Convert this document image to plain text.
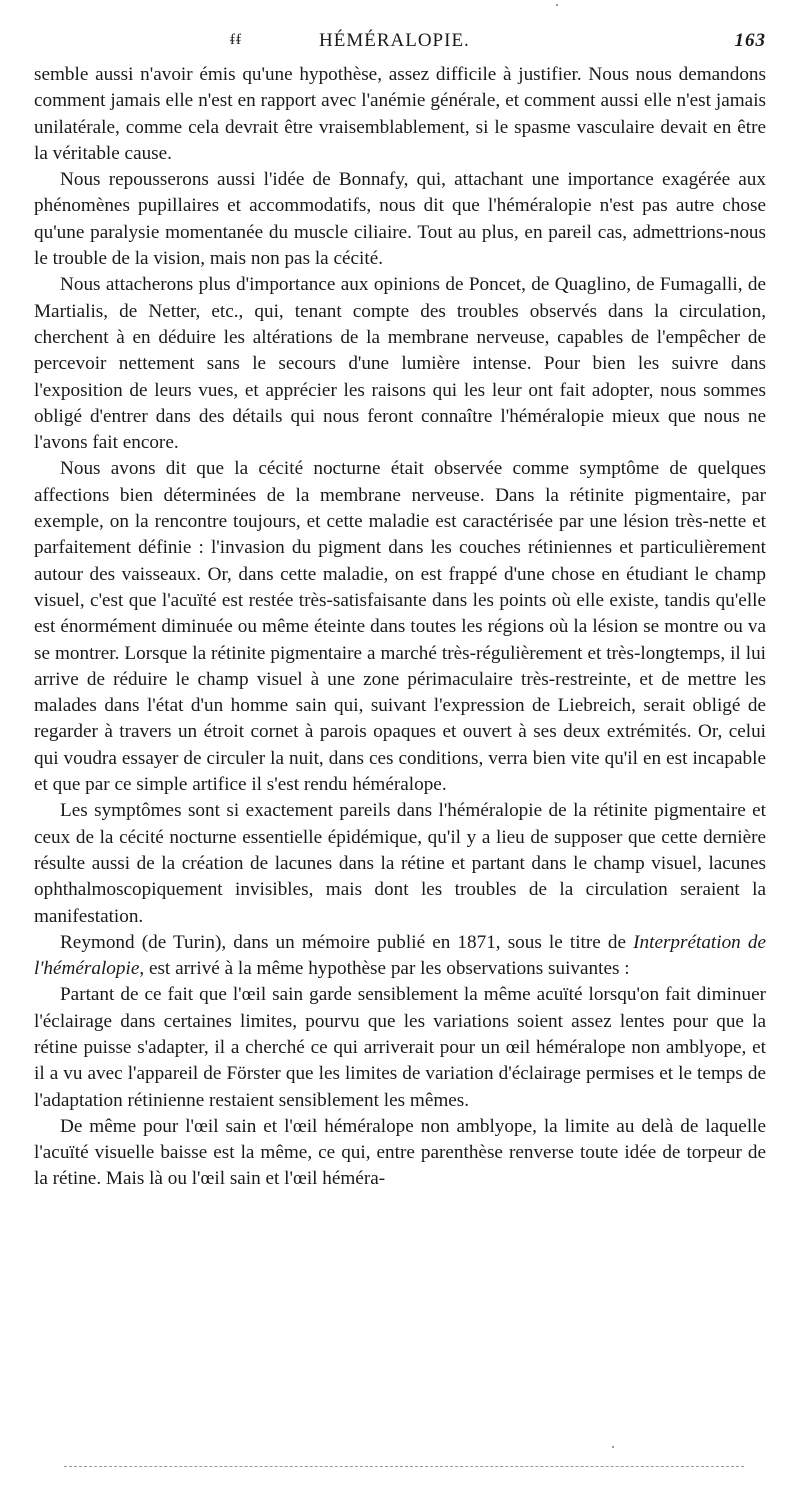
ᵮᵮ	HÉMÉRALOPIE.	163

semble aussi n'avoir émis qu'une hypothèse, assez difficile à justifier. Nous nous demandons comment jamais elle n'est en rapport avec l'anémie générale, et comment aussi elle n'est jamais unilatérale, comme cela devrait être vraisemblablement, si le spasme vasculaire devait en être la véritable cause.

Nous repousserons aussi l'idée de Bonnafy, qui, attachant une importance exagérée aux phénomènes pupillaires et accommodatifs, nous dit que l'héméralopie n'est pas autre chose qu'une paralysie momentanée du muscle ciliaire. Tout au plus, en pareil cas, admettrions-nous le trouble de la vision, mais non pas la cécité.

Nous attacherons plus d'importance aux opinions de Poncet, de Quaglino, de Fumagalli, de Martialis, de Netter, etc., qui, tenant compte des troubles observés dans la circulation, cherchent à en déduire les altérations de la membrane nerveuse, capables de l'empêcher de percevoir nettement sans le secours d'une lumière intense. Pour bien les suivre dans l'exposition de leurs vues, et apprécier les raisons qui les leur ont fait adopter, nous sommes obligé d'entrer dans des détails qui nous feront connaître l'héméralopie mieux que nous ne l'avons fait encore.

Nous avons dit que la cécité nocturne était observée comme symptôme de quelques affections bien déterminées de la membrane nerveuse. Dans la rétinite pigmentaire, par exemple, on la rencontre toujours, et cette maladie est caractérisée par une lésion très-nette et parfaitement définie : l'invasion du pigment dans les couches rétiniennes et particulièrement autour des vaisseaux. Or, dans cette maladie, on est frappé d'une chose en étudiant le champ visuel, c'est que l'acuïté est restée très-satisfaisante dans les points où elle existe, tandis qu'elle est énormément diminuée ou même éteinte dans toutes les régions où la lésion se montre ou va se montrer. Lorsque la rétinite pigmentaire a marché très-régulièrement et très-longtemps, il lui arrive de réduire le champ visuel à une zone périmaculaire très-restreinte, et de mettre les malades dans l'état d'un homme sain qui, suivant l'expression de Liebreich, serait obligé de regarder à travers un étroit cornet à parois opaques et ouvert à ses deux extrémités. Or, celui qui voudra essayer de circuler la nuit, dans ces conditions, verra bien vite qu'il en est incapable et que par ce simple artifice il s'est rendu héméralope.

Les symptômes sont si exactement pareils dans l'héméralopie de la rétinite pigmentaire et ceux de la cécité nocturne essentielle épidémique, qu'il y a lieu de supposer que cette dernière résulte aussi de la création de lacunes dans la rétine et partant dans le champ visuel, lacunes ophthalmoscopiquement invisibles, mais dont les troubles de la circulation seraient la manifestation.

Reymond (de Turin), dans un mémoire publié en 1871, sous le titre de Interprétation de l'héméralopie, est arrivé à la même hypothèse par les observations suivantes :

Partant de ce fait que l'œil sain garde sensiblement la même acuïté lorsqu'on fait diminuer l'éclairage dans certaines limites, pourvu que les variations soient assez lentes pour que la rétine puisse s'adapter, il a cherché ce qui arriverait pour un œil héméralope non amblyope, et il a vu avec l'appareil de Förster que les limites de variation d'éclairage permises et le temps de l'adaptation rétinienne restaient sensiblement les mêmes.

De même pour l'œil sain et l'œil héméralope non amblyope, la limite au delà de laquelle l'acuïté visuelle baisse est la même, ce qui, entre parenthèse renverse toute idée de torpeur de la rétine. Mais là ou l'œil sain et l'œil héméra-
